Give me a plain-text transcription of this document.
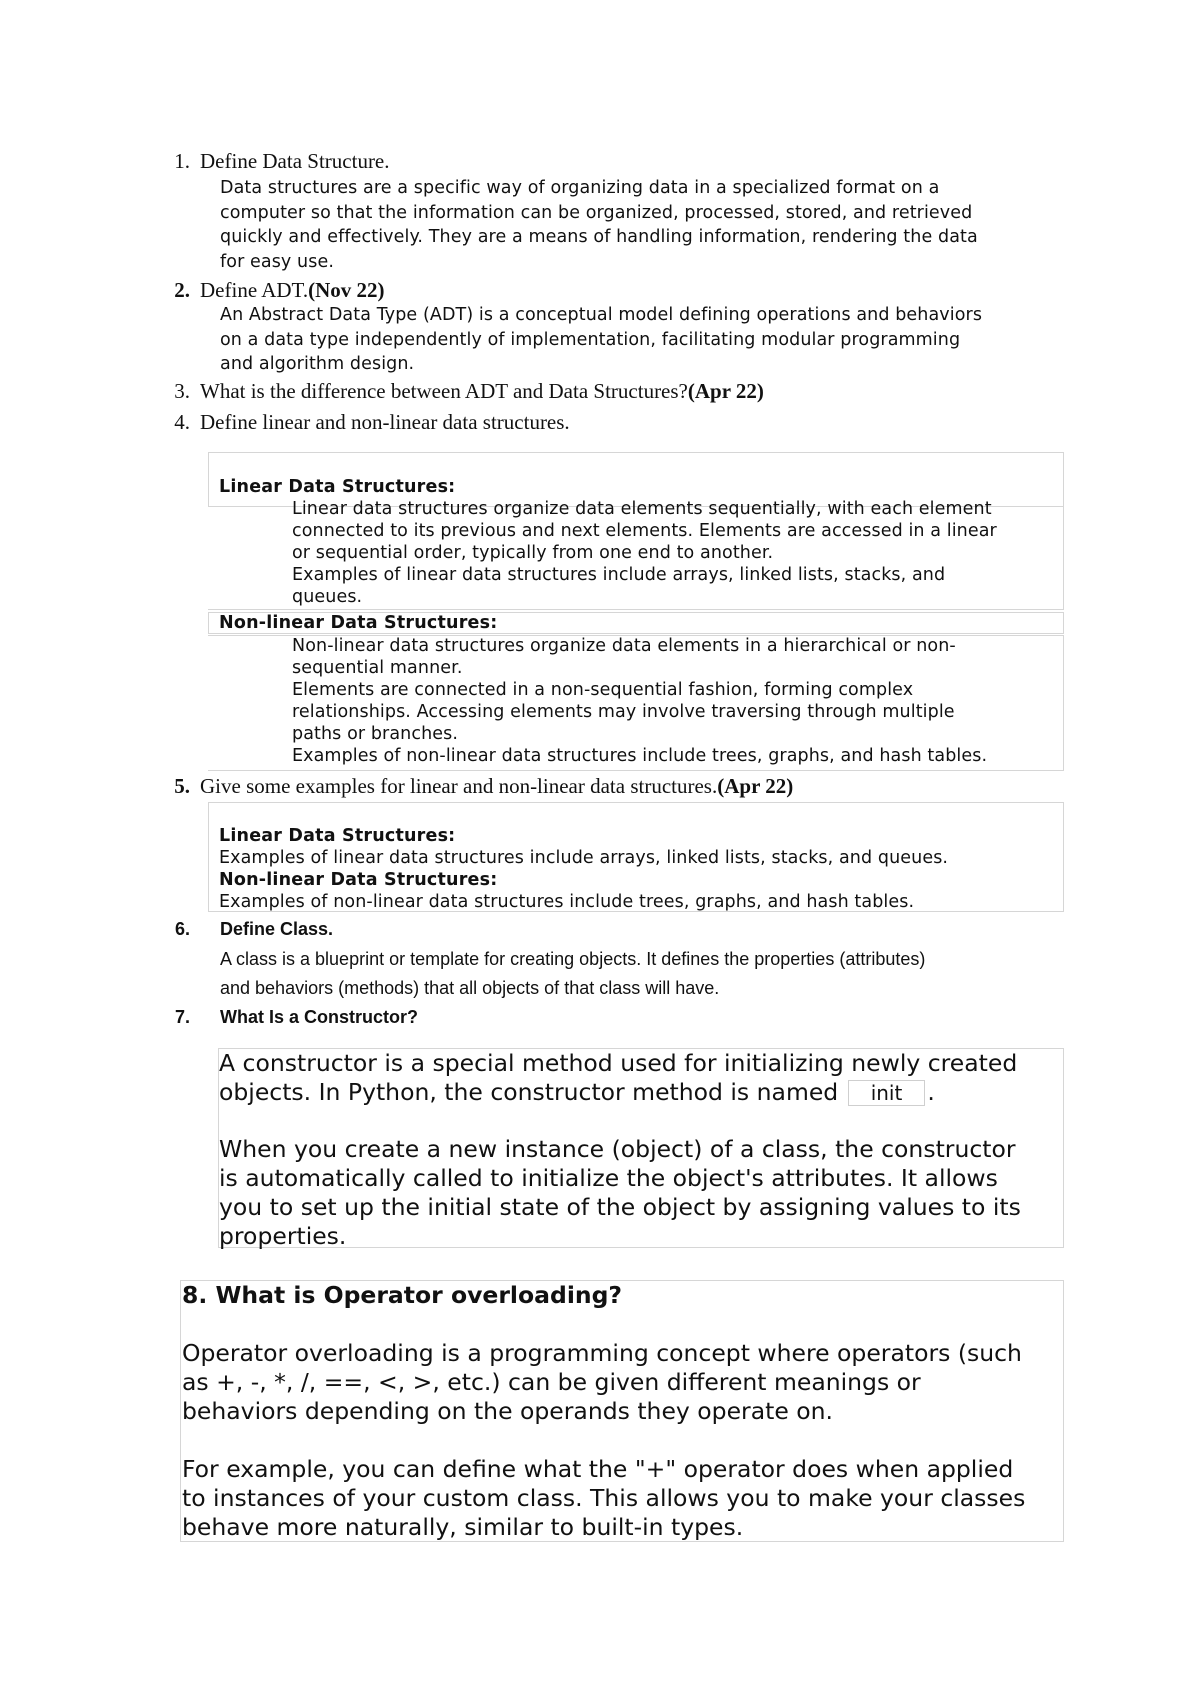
1. Define Data Structure.
Data structures are a specific way of organizing data in a specialized format on a
computer so that the information can be organized, processed, stored, and retrieved
quickly and effectively. They are a means of handling information, rendering the data
for easy use.
2. Define ADT.(Nov 22)
An Abstract Data Type (ADT) is a conceptual model defining operations and behaviors
on a data type independently of implementation, facilitating modular programming
and algorithm design.
3. What is the difference between ADT and Data Structures?(Apr 22)
4. Define linear and non-linear data structures.
Linear Data Structures:
Linear data structures organize data elements sequentially, with each element
connected to its previous and next elements. Elements are accessed in a linear
or sequential order, typically from one end to another.
Examples of linear data structures include arrays, linked lists, stacks, and
queues.
Non-linear Data Structures:
Non-linear data structures organize data elements in a hierarchical or non-
sequential manner.
Elements are connected in a non-sequential fashion, forming complex
relationships. Accessing elements may involve traversing through multiple
paths or branches.
Examples of non-linear data structures include trees, graphs, and hash tables.
5. Give some examples for linear and non-linear data structures.(Apr 22)
Linear Data Structures:
Examples of linear data structures include arrays, linked lists, stacks, and queues.
Non-linear Data Structures:
Examples of non-linear data structures include trees, graphs, and hash tables.
6. Define Class.
A class is a blueprint or template for creating objects. It defines the properties (attributes)
and behaviors (methods) that all objects of that class will have.
7. What Is a Constructor?
A constructor is a special method used for initializing newly created
objects. In Python, the constructor method is named init .
When you create a new instance (object) of a class, the constructor
is automatically called to initialize the object's attributes. It allows
you to set up the initial state of the object by assigning values to its
properties.
8. What is Operator overloading?
Operator overloading is a programming concept where operators (such
as +, -, *, /, ==, <, >, etc.) can be given different meanings or
behaviors depending on the operands they operate on.
For example, you can define what the "+" operator does when applied
to instances of your custom class. This allows you to make your classes
behave more naturally, similar to built-in types.
